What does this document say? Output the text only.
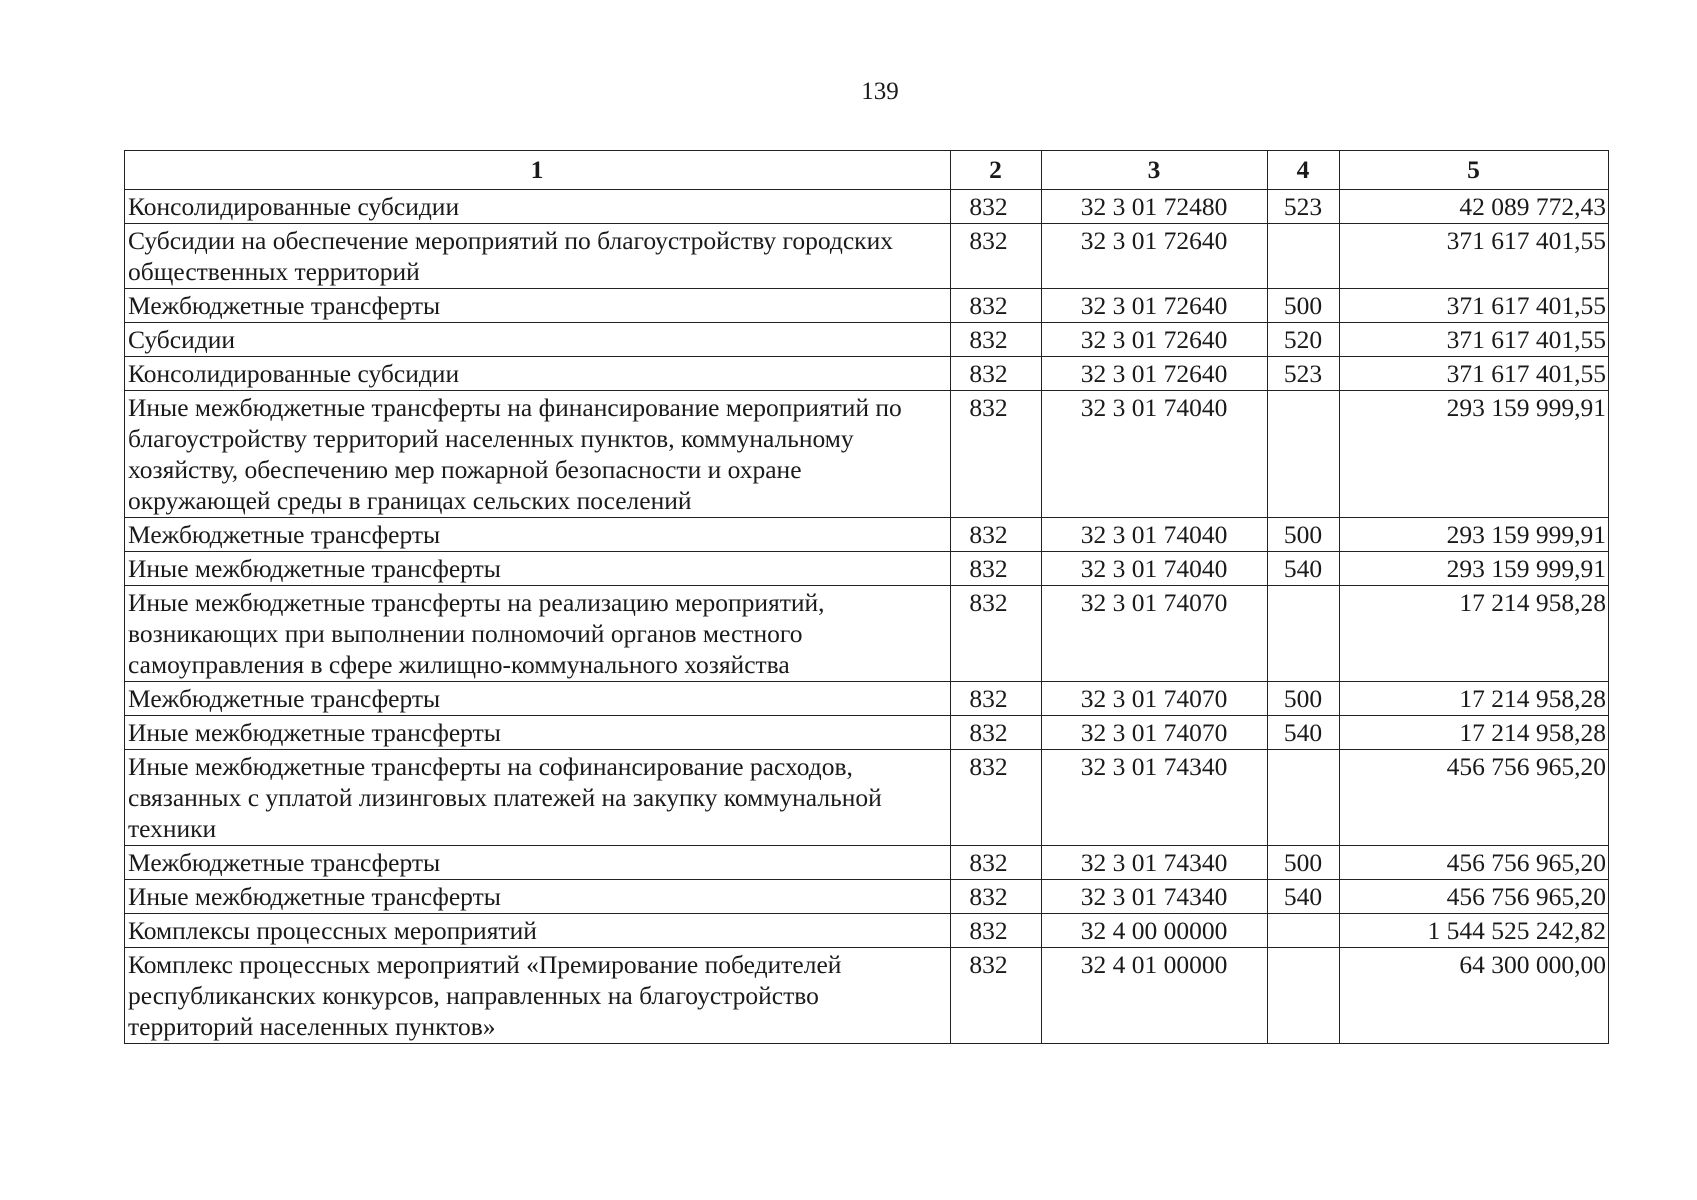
139
1	2	3	4	5
Консолидированные субсидии	832	32 3 01 72480	523	42 089 772,43
Субсидии на обеспечение мероприятий по благоустройству городских общественных территорий	832	32 3 01 72640		371 617 401,55
Межбюджетные трансферты	832	32 3 01 72640	500	371 617 401,55
Субсидии	832	32 3 01 72640	520	371 617 401,55
Консолидированные субсидии	832	32 3 01 72640	523	371 617 401,55
Иные межбюджетные трансферты на финансирование мероприятий по благоустройству территорий населенных пунктов, коммунальному хозяйству, обеспечению мер пожарной безопасности и охране окружающей среды в границах сельских поселений	832	32 3 01 74040		293 159 999,91
Межбюджетные трансферты	832	32 3 01 74040	500	293 159 999,91
Иные межбюджетные трансферты	832	32 3 01 74040	540	293 159 999,91
Иные межбюджетные трансферты на реализацию мероприятий, возникающих при выполнении полномочий органов местного самоуправления в сфере жилищно-коммунального хозяйства	832	32 3 01 74070		17 214 958,28
Межбюджетные трансферты	832	32 3 01 74070	500	17 214 958,28
Иные межбюджетные трансферты	832	32 3 01 74070	540	17 214 958,28
Иные межбюджетные трансферты на софинансирование расходов, связанных с уплатой лизинговых платежей на закупку коммунальной техники	832	32 3 01 74340		456 756 965,20
Межбюджетные трансферты	832	32 3 01 74340	500	456 756 965,20
Иные межбюджетные трансферты	832	32 3 01 74340	540	456 756 965,20
Комплексы процессных мероприятий	832	32 4 00 00000		1 544 525 242,82
Комплекс процессных мероприятий «Премирование победителей республиканских конкурсов, направленных на благоустройство территорий населенных пунктов»	832	32 4 01 00000		64 300 000,00
